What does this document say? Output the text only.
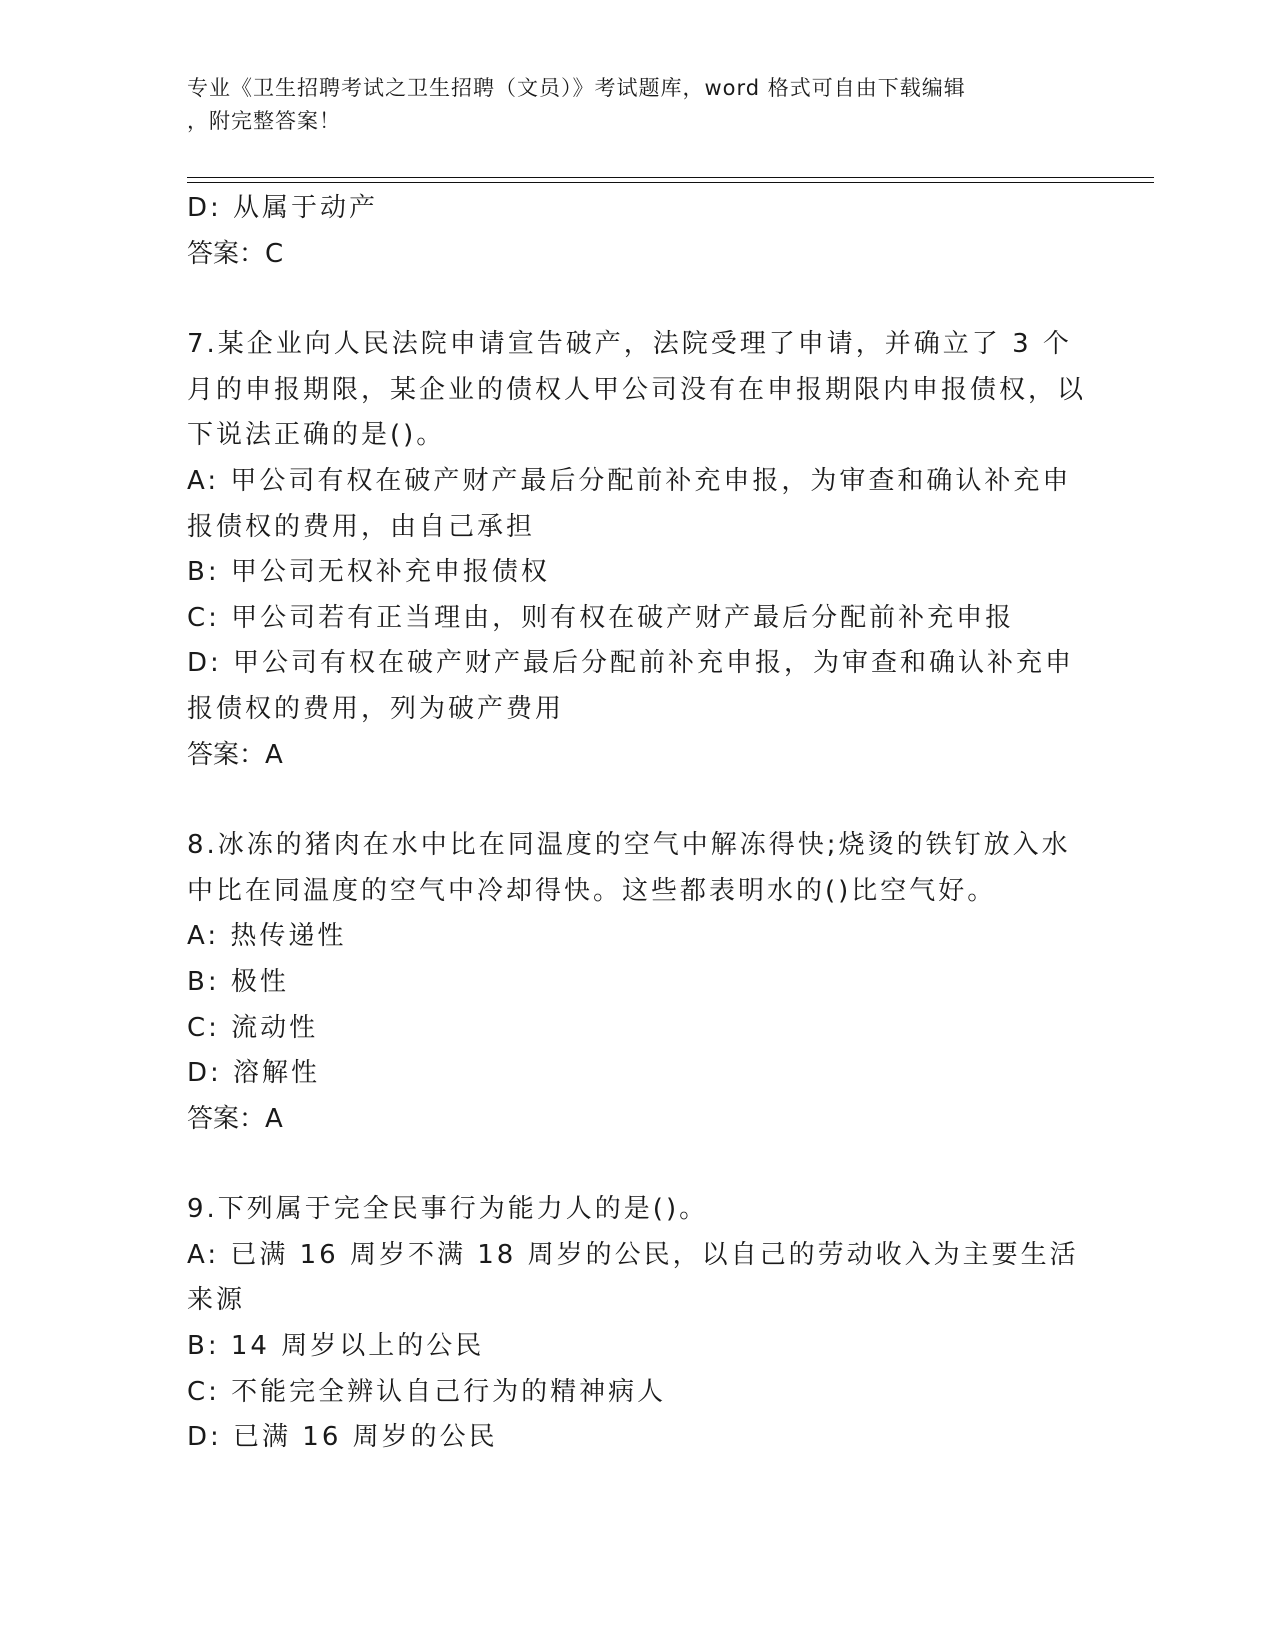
专业《卫生招聘考试之卫生招聘（文员）》考试题库，word 格式可自由下载编辑
，附完整答案！

D: 从属于动产

答案：C

7.某企业向人民法院申请宣告破产，法院受理了申请，并确立了 3 个月的申报期限，某企业的债权人甲公司没有在申报期限内申报债权，以下说法正确的是()。

A: 甲公司有权在破产财产最后分配前补充申报，为审查和确认补充申报债权的费用，由自己承担

B: 甲公司无权补充申报债权

C: 甲公司若有正当理由，则有权在破产财产最后分配前补充申报

D: 甲公司有权在破产财产最后分配前补充申报，为审查和确认补充申报债权的费用，列为破产费用

答案：A

8.冰冻的猪肉在水中比在同温度的空气中解冻得快;烧烫的铁钉放入水中比在同温度的空气中冷却得快。这些都表明水的()比空气好。

A: 热传递性

B: 极性

C: 流动性

D: 溶解性

答案：A

9.下列属于完全民事行为能力人的是()。

A: 已满 16 周岁不满 18 周岁的公民，以自己的劳动收入为主要生活来源

B: 14 周岁以上的公民

C: 不能完全辨认自己行为的精神病人

D: 已满 16 周岁的公民
